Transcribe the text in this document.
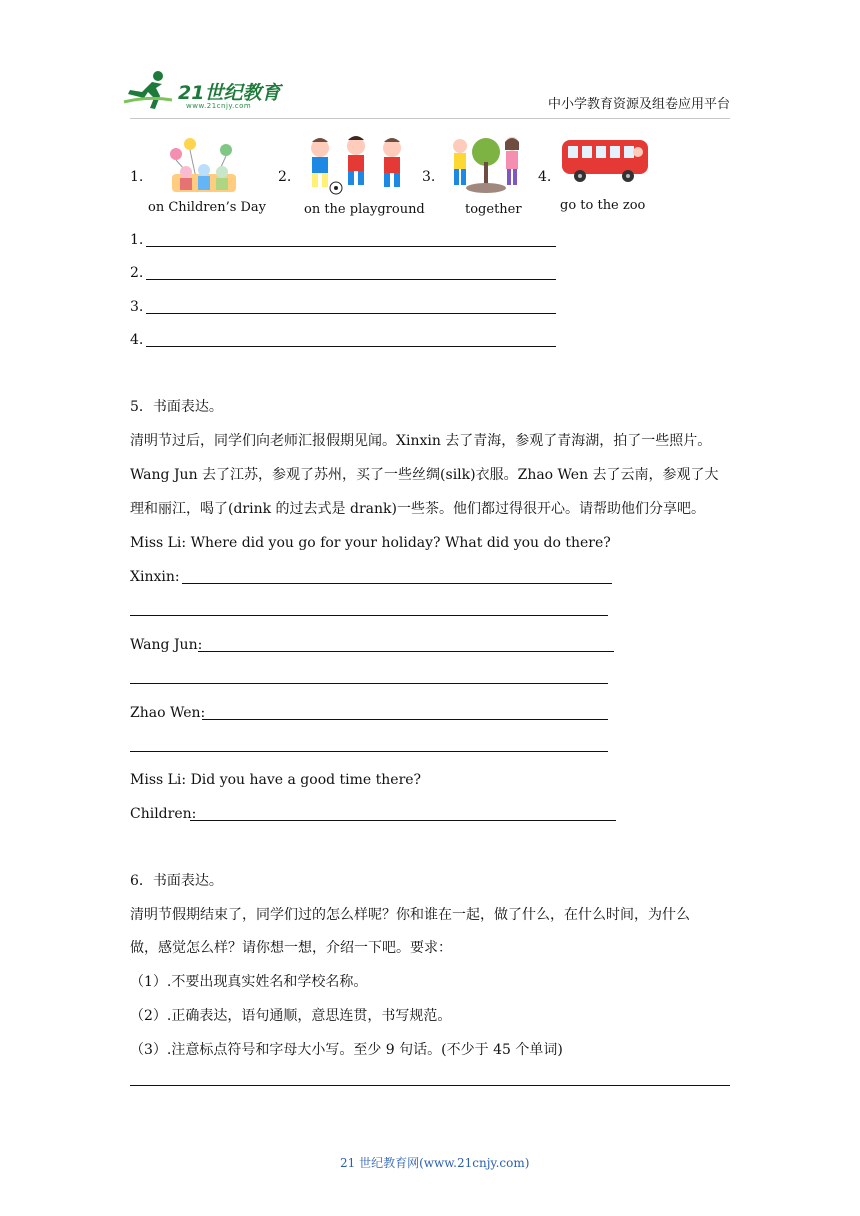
21世纪教育
www.21cnjy.com	中小学教育资源及组卷应用平台
1.
on Children’s Day
2.
on the playground
3.
together
4.
go to the zoo
1.
2.
3.
4.
5．书面表达。
清明节过后，同学们向老师汇报假期见闻。Xinxin 去了青海，参观了青海湖，拍了一些照片。
Wang Jun 去了江苏，参观了苏州，买了一些丝绸(silk)衣服。Zhao Wen 去了云南，参观了大
理和丽江，喝了(drink 的过去式是 drank)一些茶。他们都过得很开心。请帮助他们分享吧。
Miss Li: Where did you go for your holiday? What did you do there?
Xinxin:
Wang Jun:
Zhao Wen:
Miss Li: Did you have a good time there?
Children:
6．书面表达。
清明节假期结束了，同学们过的怎么样呢？你和谁在一起，做了什么，在什么时间，为什么
做，感觉怎么样？请你想一想，介绍一下吧。要求：
（1）.不要出现真实姓名和学校名称。
（2）.正确表达，语句通顺，意思连贯，书写规范。
（3）.注意标点符号和字母大小写。至少 9 句话。(不少于 45 个单词)
21 世纪教育网(www.21cnjy.com)
